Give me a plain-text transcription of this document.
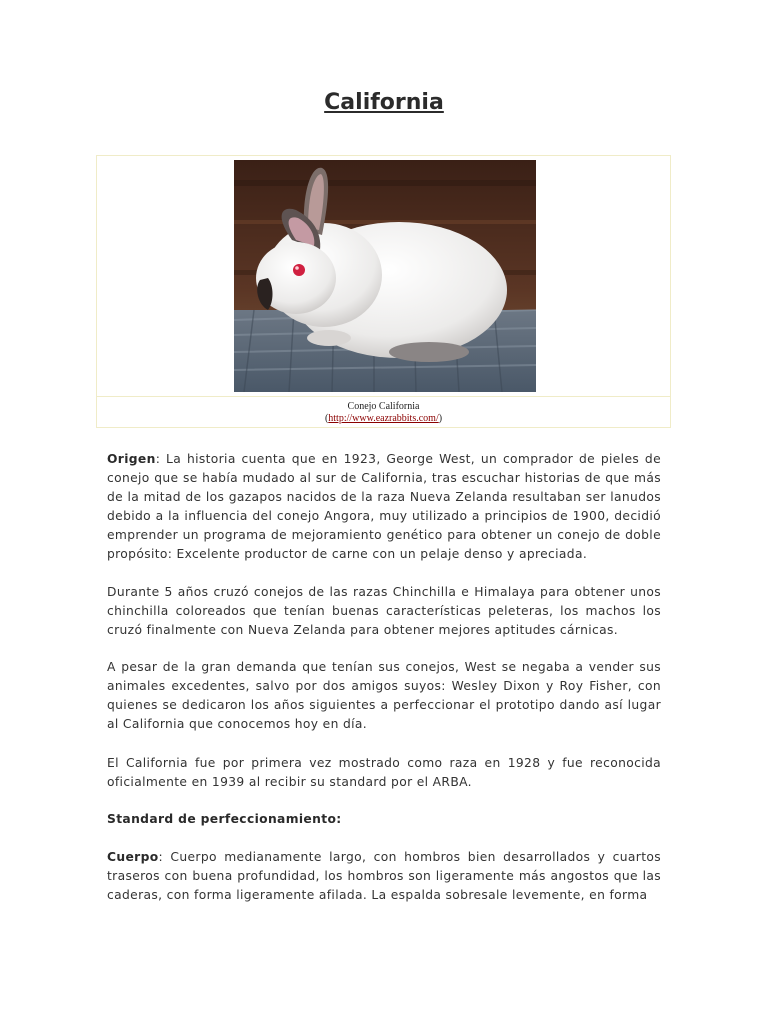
California
Conejo California
(http://www.eazrabbits.com/)
Origen: La historia cuenta que en 1923, George West, un comprador de pieles de conejo que se había mudado al sur de California, tras escuchar historias de que más de la mitad de los gazapos nacidos de la raza Nueva Zelanda resultaban ser lanudos debido a la influencia del conejo Angora, muy utilizado a principios de 1900, decidió emprender un programa de mejoramiento genético para obtener un conejo de doble propósito: Excelente productor de carne con un pelaje denso y apreciada.
Durante 5 años cruzó conejos de las razas Chinchilla e Himalaya para obtener unos chinchilla coloreados que tenían buenas características peleteras, los machos los cruzó finalmente con Nueva Zelanda para obtener mejores aptitudes cárnicas.
A pesar de la gran demanda que tenían sus conejos, West se negaba a vender sus animales excedentes, salvo por dos amigos suyos: Wesley Dixon y Roy Fisher, con quienes se dedicaron los años siguientes a perfeccionar el prototipo dando así lugar al California que conocemos hoy en día.
El California fue por primera vez mostrado como raza en 1928 y fue reconocida oficialmente en 1939 al recibir su standard por el ARBA.
Standard de perfeccionamiento:
Cuerpo: Cuerpo medianamente largo, con hombros bien desarrollados y cuartos traseros con buena profundidad, los hombros son ligeramente más angostos que las caderas, con forma ligeramente afilada. La espalda sobresale levemente, en forma
